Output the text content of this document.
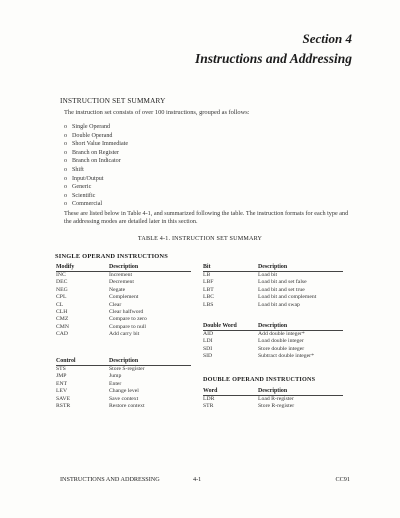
Section 4
Instructions and Addressing
INSTRUCTION SET SUMMARY
The instruction set consists of over 100 instructions, grouped as follows:
o Single Operand
o Double Operand
o Short Value Immediate
o Branch on Register
o Branch on Indicator
o Shift
o Input/Output
o Generic
o Scientific
o Commercial

These are listed below in Table 4-1, and summarized following the table. The instruction formats for each type and the addressing modes are detailed later in this section.

TABLE 4-1. INSTRUCTION SET SUMMARY
SINGLE OPERAND INSTRUCTIONS
Modify	Description
INC	Increment
DEC	Decrement
NEG	Negate
CPL	Complement
CL	Clear
CLH	Clear halfword
CMZ	Compare to zero
CMN	Compare to null
CAD	Add carry bit
Control	Description
STS	Store S-register
JMP	Jump
ENT	Enter
LEV	Change level
SAVE	Save context
RSTR	Restore context
Bit	Description
LB	Load bit
LBF	Load bit and set false
LBT	Load bit and set true
LBC	Load bit and complement
LBS	Load bit and swap
Double Word	Description
AID	Add double integer*
LDI	Load double integer
SDI	Store double integer
SID	Subtract double integer*
DOUBLE OPERAND INSTRUCTIONS
Word	Description
LDR	Load R-register
STR	Store R-register
INSTRUCTIONS AND ADDRESSING	4-1	CC91
